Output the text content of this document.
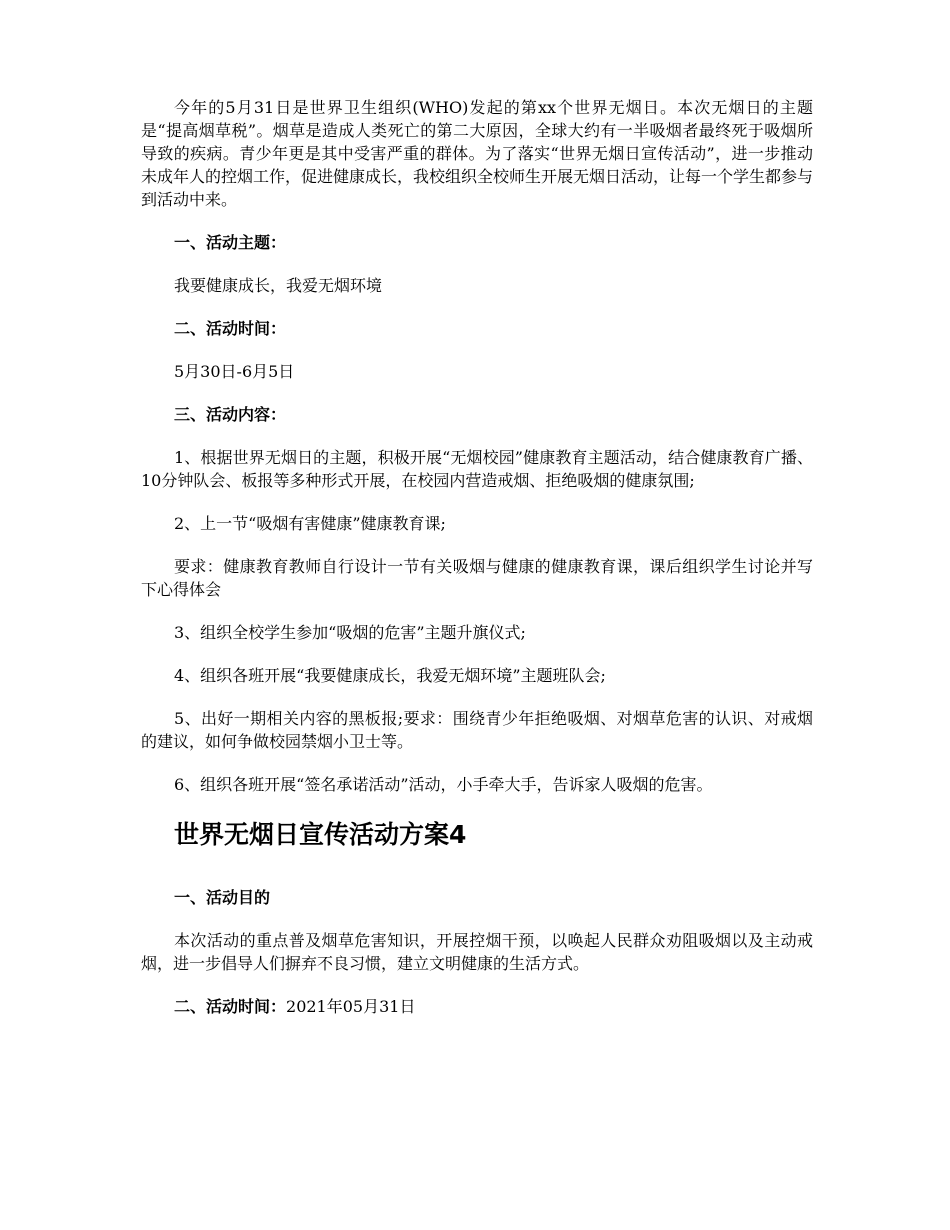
今年的5月31日是世界卫生组织(WHO)发起的第xx个世界无烟日。本次无烟日的主题是“提高烟草税”。烟草是造成人类死亡的第二大原因，全球大约有一半吸烟者最终死于吸烟所导致的疾病。青少年更是其中受害严重的群体。为了落实“世界无烟日宣传活动”，进一步推动未成年人的控烟工作，促进健康成长，我校组织全校师生开展无烟日活动，让每一个学生都参与到活动中来。

一、活动主题：

我要健康成长，我爱无烟环境

二、活动时间：

5月30日-6月5日

三、活动内容：

1、根据世界无烟日的主题，积极开展“无烟校园”健康教育主题活动，结合健康教育广播、10分钟队会、板报等多种形式开展，在校园内营造戒烟、拒绝吸烟的健康氛围;

2、上一节“吸烟有害健康”健康教育课;

要求：健康教育教师自行设计一节有关吸烟与健康的健康教育课，课后组织学生讨论并写下心得体会

3、组织全校学生参加“吸烟的危害”主题升旗仪式;

4、组织各班开展“我要健康成长，我爱无烟环境”主题班队会;

5、出好一期相关内容的黑板报;要求：围绕青少年拒绝吸烟、对烟草危害的认识、对戒烟的建议，如何争做校园禁烟小卫士等。

6、组织各班开展“签名承诺活动”活动，小手牵大手，告诉家人吸烟的危害。

世界无烟日宣传活动方案4

一、活动目的

本次活动的重点普及烟草危害知识，开展控烟干预，以唤起人民群众劝阻吸烟以及主动戒烟，进一步倡导人们摒弃不良习惯，建立文明健康的生活方式。

二、活动时间：2021年05月31日
